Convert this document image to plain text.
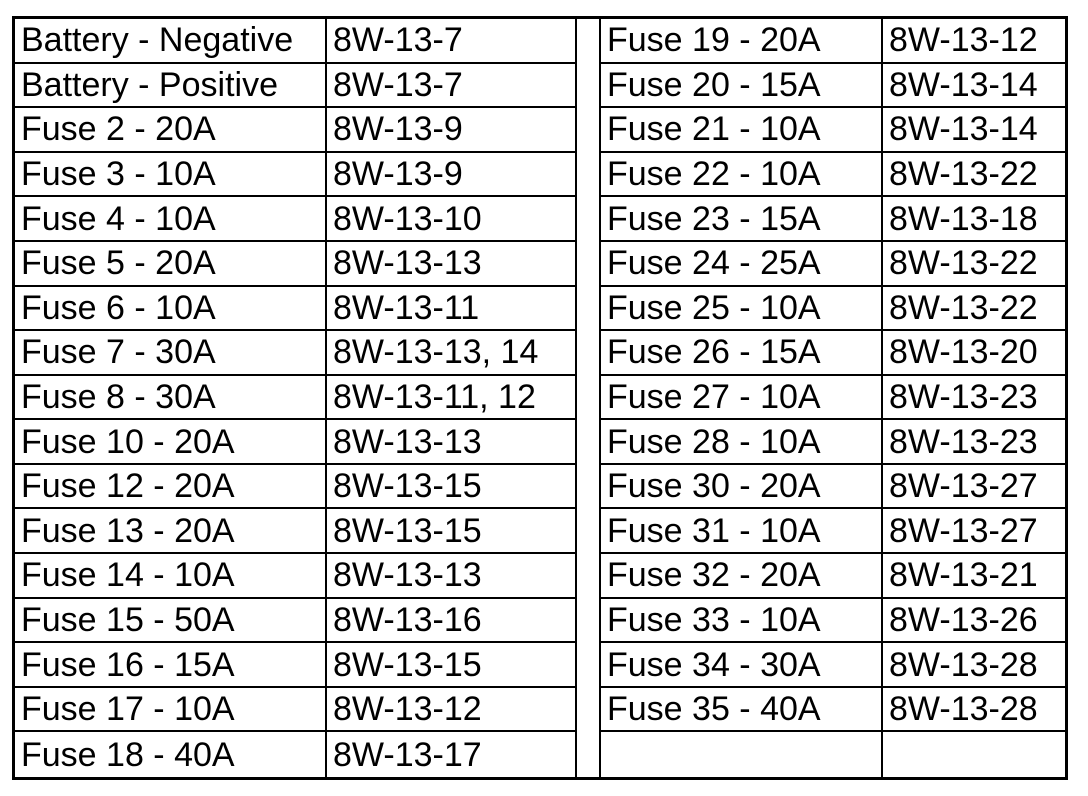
Battery - Negative	8W-13-7	Fuse 19 - 20A	8W-13-12
Battery - Positive	8W-13-7	Fuse 20 - 15A	8W-13-14
Fuse 2 - 20A	8W-13-9	Fuse 21 - 10A	8W-13-14
Fuse 3 - 10A	8W-13-9	Fuse 22 - 10A	8W-13-22
Fuse 4 - 10A	8W-13-10	Fuse 23 - 15A	8W-13-18
Fuse 5 - 20A	8W-13-13	Fuse 24 - 25A	8W-13-22
Fuse 6 - 10A	8W-13-11	Fuse 25 - 10A	8W-13-22
Fuse 7 - 30A	8W-13-13, 14	Fuse 26 - 15A	8W-13-20
Fuse 8 - 30A	8W-13-11, 12	Fuse 27 - 10A	8W-13-23
Fuse 10 - 20A	8W-13-13	Fuse 28 - 10A	8W-13-23
Fuse 12 - 20A	8W-13-15	Fuse 30 - 20A	8W-13-27
Fuse 13 - 20A	8W-13-15	Fuse 31 - 10A	8W-13-27
Fuse 14 - 10A	8W-13-13	Fuse 32 - 20A	8W-13-21
Fuse 15 - 50A	8W-13-16	Fuse 33 - 10A	8W-13-26
Fuse 16 - 15A	8W-13-15	Fuse 34 - 30A	8W-13-28
Fuse 17 - 10A	8W-13-12	Fuse 35 - 40A	8W-13-28
Fuse 18 - 40A	8W-13-17
